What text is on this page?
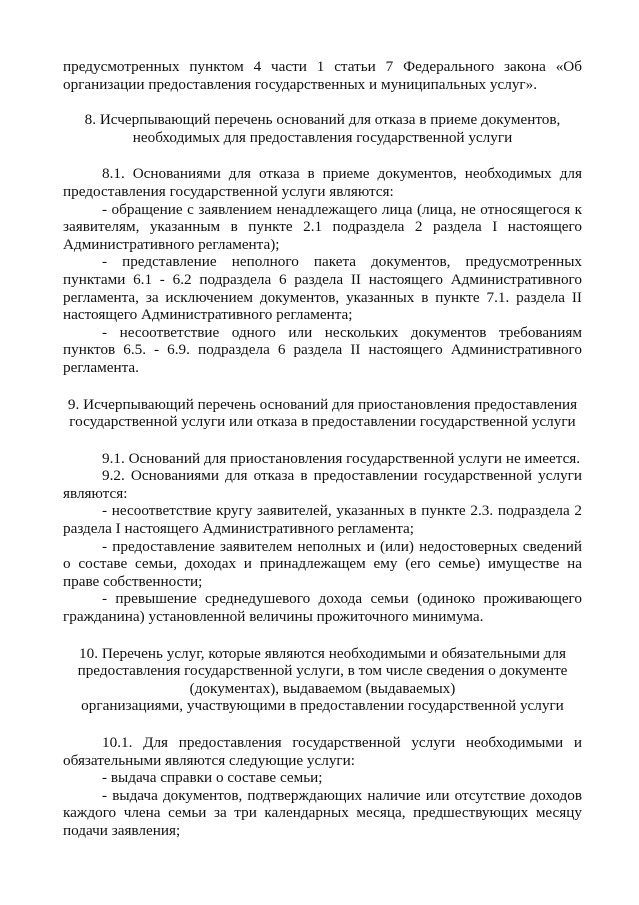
предусмотренных пунктом 4 части 1 статьи 7 Федерального закона «Об организации предоставления государственных и муниципальных услуг».

8. Исчерпывающий перечень оснований для отказа в приеме документов,

необходимых для предоставления государственной услуги

8.1. Основаниями для отказа в приеме документов, необходимых для предоставления государственной услуги являются:

- обращение с заявлением ненадлежащего лица (лица, не относящегося к заявителям, указанным в пункте 2.1 подраздела 2 раздела I настоящего Административного регламента);

- представление неполного пакета документов, предусмотренных пунктами 6.1 - 6.2 подраздела 6 раздела II настоящего Административного регламента, за исключением документов, указанных в пункте 7.1. раздела II настоящего Административного регламента;

- несоответствие одного или нескольких документов требованиям пунктов 6.5. - 6.9. подраздела 6 раздела II настоящего Административного регламента.

9. Исчерпывающий перечень оснований для приостановления предоставления

государственной услуги или отказа в предоставлении государственной услуги

9.1. Оснований для приостановления государственной услуги не имеется.

9.2. Основаниями для отказа в предоставлении государственной услуги являются:

- несоответствие кругу заявителей, указанных в пункте 2.3. подраздела 2 раздела I настоящего Административного регламента;

- предоставление заявителем неполных и (или) недостоверных сведений о составе семьи, доходах и принадлежащем ему (его семье) имуществе на праве собственности;

- превышение среднедушевого дохода семьи (одиноко проживающего гражданина) установленной величины прожиточного минимума.

10. Перечень услуг, которые являются необходимыми и обязательными для

предоставления государственной услуги, в том числе сведения о документе

(документах), выдаваемом (выдаваемых)

организациями, участвующими в предоставлении государственной услуги

10.1. Для предоставления государственной услуги необходимыми и обязательными являются следующие услуги:

- выдача справки о составе семьи;

- выдача документов, подтверждающих наличие или отсутствие доходов каждого члена семьи за три календарных месяца, предшествующих месяцу подачи заявления;
